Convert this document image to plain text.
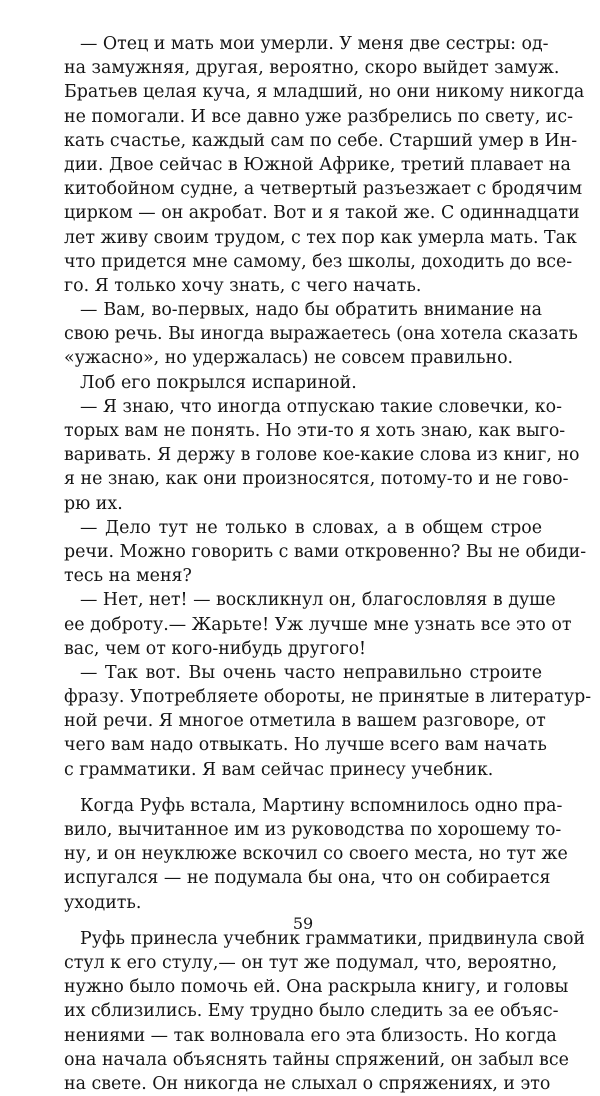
— Отец и мать мои умерли. У меня две сестры: од-
на замужняя, другая, вероятно, скоро выйдет замуж.
Братьев целая куча, я младший, но они никому никогда
не помогали. И все давно уже разбрелись по свету, ис-
кать счастье, каждый сам по себе. Старший умер в Ин-
дии. Двое сейчас в Южной Африке, третий плавает на
китобойном судне, а четвертый разъезжает с бродячим
цирком — он акробат. Вот и я такой же. С одиннадцати
лет живу своим трудом, с тех пор как умерла мать. Так
что придется мне самому, без школы, доходить до все-
го. Я только хочу знать, с чего начать.
— Вам, во-первых, надо бы обратить внимание на
свою речь. Вы иногда выражаетесь (она хотела сказать
«ужасно», но удержалась) не совсем правильно.
Лоб его покрылся испариной.
— Я знаю, что иногда отпускаю такие словечки, ко-
торых вам не понять. Но эти-то я хоть знаю, как выго-
варивать. Я держу в голове кое-какие слова из книг, но
я не знаю, как они произносятся, потому-то и не гово-
рю их.
— Дело тут не только в словах, а в общем строе
речи. Можно говорить с вами откровенно? Вы не обиди-
тесь на меня?
— Нет, нет! — воскликнул он, благословляя в душе
ее доброту.— Жарьте! Уж лучше мне узнать все это от
вас, чем от кого-нибудь другого!
— Так вот. Вы очень часто неправильно строите
фразу. Употребляете обороты, не принятые в литератур-
ной речи. Я многое отметила в вашем разговоре, от
чего вам надо отвыкать. Но лучше всего вам начать
с грамматики. Я вам сейчас принесу учебник.
Когда Руфь встала, Мартину вспомнилось одно пра-
вило, вычитанное им из руководства по хорошему то-
ну, и он неуклюже вскочил со своего места, но тут же
испугался — не подумала бы она, что он собирается
уходить.
Руфь принесла учебник грамматики, придвинула свой
стул к его стулу,— он тут же подумал, что, вероятно,
нужно было помочь ей. Она раскрыла книгу, и головы
их сблизились. Ему трудно было следить за ее объяс-
нениями — так волновала его эта близость. Но когда
она начала объяснять тайны спряжений, он забыл все
на свете. Он никогда не слыхал о спряжениях, и это
59
